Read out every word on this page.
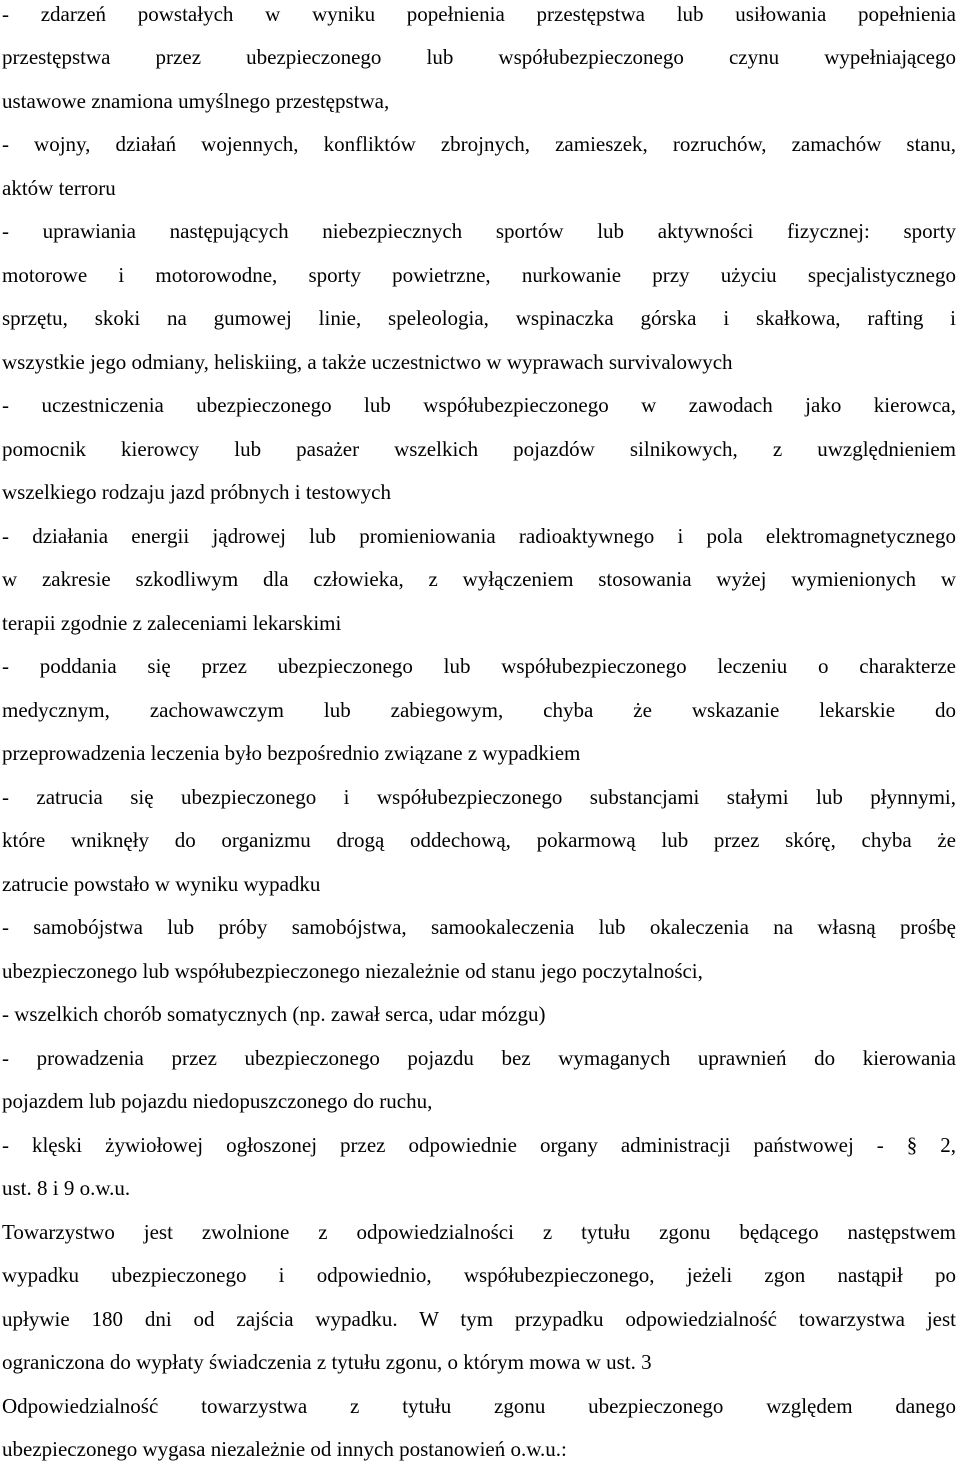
- zdarzeń powstałych w wyniku popełnienia przestępstwa lub usiłowania popełnienia
przestępstwa przez ubezpieczonego lub współubezpieczonego czynu wypełniającego
ustawowe znamiona umyślnego przestępstwa,
- wojny, działań wojennych, konfliktów zbrojnych, zamieszek, rozruchów, zamachów stanu,
aktów terroru
- uprawiania następujących niebezpiecznych sportów lub aktywności fizycznej: sporty
motorowe i motorowodne, sporty powietrzne, nurkowanie przy użyciu specjalistycznego
sprzętu, skoki na gumowej linie, speleologia, wspinaczka górska i skałkowa, rafting i
wszystkie jego odmiany, heliskiing, a także uczestnictwo w wyprawach survivalowych
- uczestniczenia ubezpieczonego lub współubezpieczonego w zawodach jako kierowca,
pomocnik kierowcy lub pasażer wszelkich pojazdów silnikowych, z uwzględnieniem
wszelkiego rodzaju jazd próbnych i testowych
- działania energii jądrowej lub promieniowania radioaktywnego i pola elektromagnetycznego
w zakresie szkodliwym dla człowieka, z wyłączeniem stosowania wyżej wymienionych w
terapii zgodnie z zaleceniami lekarskimi
- poddania się przez ubezpieczonego lub współubezpieczonego leczeniu o charakterze
medycznym, zachowawczym lub zabiegowym, chyba że wskazanie lekarskie do
przeprowadzenia leczenia było bezpośrednio związane z wypadkiem
- zatrucia się ubezpieczonego i współubezpieczonego substancjami stałymi lub płynnymi,
które wniknęły do organizmu drogą oddechową, pokarmową lub przez skórę, chyba że
zatrucie powstało w wyniku wypadku
- samobójstwa lub próby samobójstwa, samookaleczenia lub okaleczenia na własną prośbę
ubezpieczonego lub współubezpieczonego niezależnie od stanu jego poczytalności,
- wszelkich chorób somatycznych (np. zawał serca, udar mózgu)
- prowadzenia przez ubezpieczonego pojazdu bez wymaganych uprawnień do kierowania
pojazdem lub pojazdu niedopuszczonego do ruchu,
- klęski żywiołowej ogłoszonej przez odpowiednie organy administracji państwowej - § 2,
ust. 8 i 9 o.w.u.
Towarzystwo jest zwolnione z odpowiedzialności z tytułu zgonu będącego następstwem
wypadku ubezpieczonego i odpowiednio, współubezpieczonego, jeżeli zgon nastąpił po
upływie 180 dni od zajścia wypadku. W tym przypadku odpowiedzialność towarzystwa jest
ograniczona do wypłaty świadczenia z tytułu zgonu, o którym mowa w ust. 3
Odpowiedzialność towarzystwa z tytułu zgonu ubezpieczonego względem danego
ubezpieczonego wygasa niezależnie od innych postanowień o.w.u.:
